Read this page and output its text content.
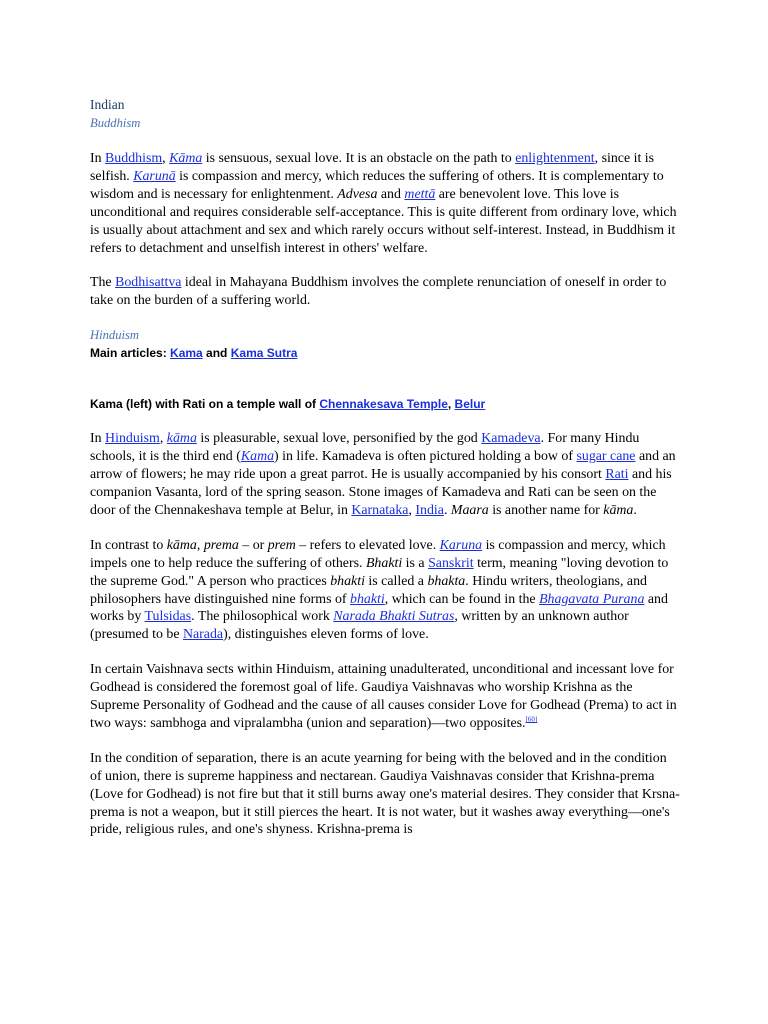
Indian

Buddhism

In Buddhism, Kāma is sensuous, sexual love. It is an obstacle on the path to enlightenment, since it is selfish. Karunā is compassion and mercy, which reduces the suffering of others. It is complementary to wisdom and is necessary for enlightenment. Advesa and mettā are benevolent love. This love is unconditional and requires considerable self-acceptance. This is quite different from ordinary love, which is usually about attachment and sex and which rarely occurs without self-interest. Instead, in Buddhism it refers to detachment and unselfish interest in others' welfare.

The Bodhisattva ideal in Mahayana Buddhism involves the complete renunciation of oneself in order to take on the burden of a suffering world.

Hinduism

Main articles: Kama and Kama Sutra

Kama (left) with Rati on a temple wall of Chennakesava Temple, Belur

In Hinduism, kāma is pleasurable, sexual love, personified by the god Kamadeva. For many Hindu schools, it is the third end (Kama) in life. Kamadeva is often pictured holding a bow of sugar cane and an arrow of flowers; he may ride upon a great parrot. He is usually accompanied by his consort Rati and his companion Vasanta, lord of the spring season. Stone images of Kamadeva and Rati can be seen on the door of the Chennakeshava temple at Belur, in Karnataka, India. Maara is another name for kāma.

In contrast to kāma, prema – or prem – refers to elevated love. Karuna is compassion and mercy, which impels one to help reduce the suffering of others. Bhakti is a Sanskrit term, meaning "loving devotion to the supreme God." A person who practices bhakti is called a bhakta. Hindu writers, theologians, and philosophers have distinguished nine forms of bhakti, which can be found in the Bhagavata Purana and works by Tulsidas. The philosophical work Narada Bhakti Sutras, written by an unknown author (presumed to be Narada), distinguishes eleven forms of love.

In certain Vaishnava sects within Hinduism, attaining unadulterated, unconditional and incessant love for Godhead is considered the foremost goal of life. Gaudiya Vaishnavas who worship Krishna as the Supreme Personality of Godhead and the cause of all causes consider Love for Godhead (Prema) to act in two ways: sambhoga and vipralambha (union and separation)—two opposites.[60]

In the condition of separation, there is an acute yearning for being with the beloved and in the condition of union, there is supreme happiness and nectarean. Gaudiya Vaishnavas consider that Krishna-prema (Love for Godhead) is not fire but that it still burns away one's material desires. They consider that Krsna-prema is not a weapon, but it still pierces the heart. It is not water, but it washes away everything—one's pride, religious rules, and one's shyness. Krishna-prema is
